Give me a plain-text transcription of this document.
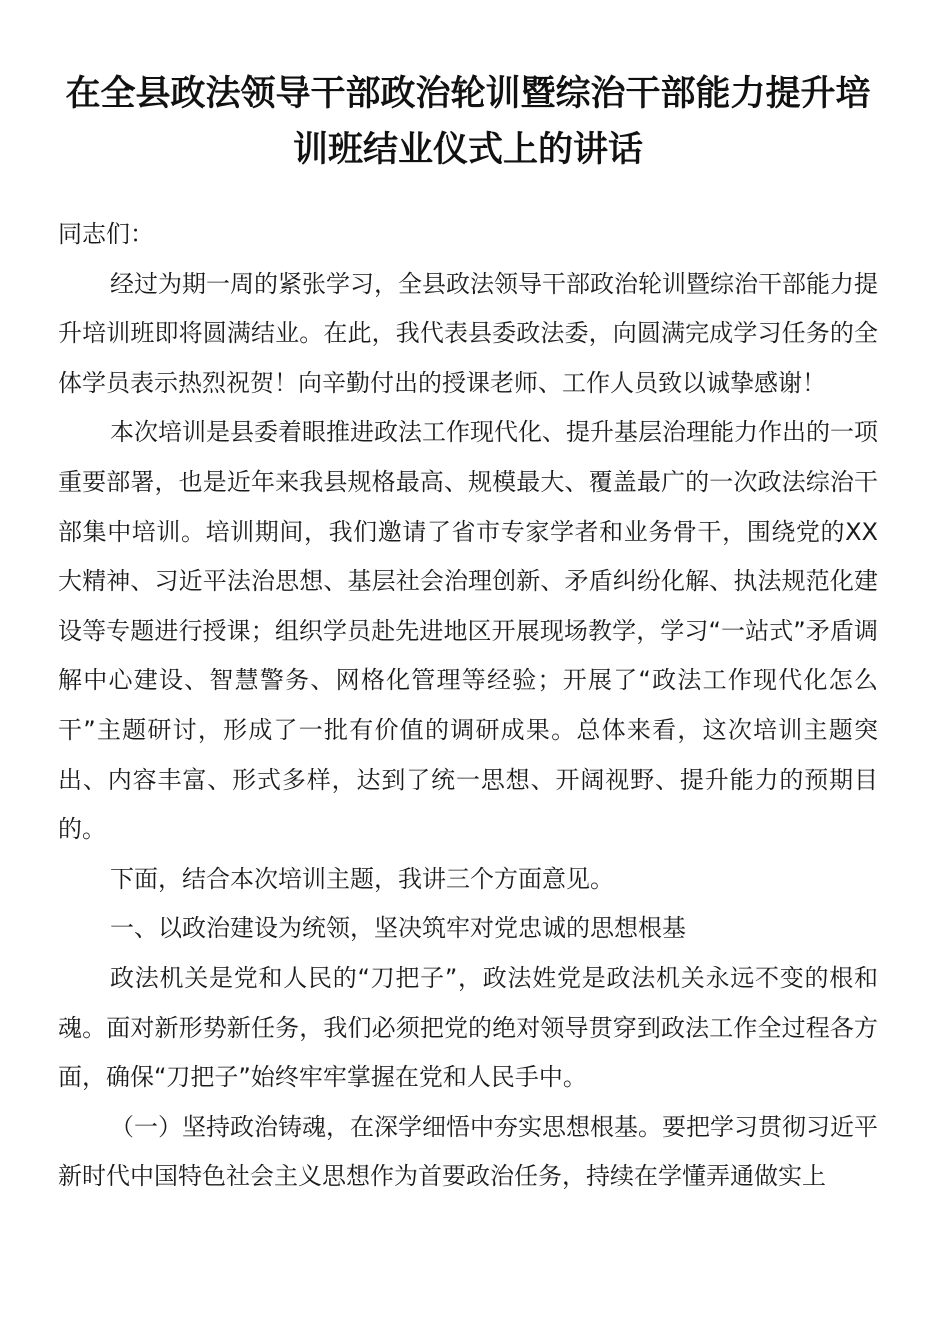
在全县政法领导干部政治轮训暨综治干部能力提升培
训班结业仪式上的讲话

同志们：

经过为期一周的紧张学习，全县政法领导干部政治轮训暨综治干部能力提升培训班即将圆满结业。在此，我代表县委政法委，向圆满完成学习任务的全体学员表示热烈祝贺！向辛勤付出的授课老师、工作人员致以诚挚感谢！

本次培训是县委着眼推进政法工作现代化、提升基层治理能力作出的一项重要部署，也是近年来我县规格最高、规模最大、覆盖最广的一次政法综治干部集中培训。培训期间，我们邀请了省市专家学者和业务骨干，围绕党的XX大精神、习近平法治思想、基层社会治理创新、矛盾纠纷化解、执法规范化建设等专题进行授课；组织学员赴先进地区开展现场教学，学习“一站式”矛盾调解中心建设、智慧警务、网格化管理等经验；开展了“政法工作现代化怎么干”主题研讨，形成了一批有价值的调研成果。总体来看，这次培训主题突出、内容丰富、形式多样，达到了统一思想、开阔视野、提升能力的预期目的。

下面，结合本次培训主题，我讲三个方面意见。

一、以政治建设为统领，坚决筑牢对党忠诚的思想根基

政法机关是党和人民的“刀把子”，政法姓党是政法机关永远不变的根和魂。面对新形势新任务，我们必须把党的绝对领导贯穿到政法工作全过程各方面，确保“刀把子”始终牢牢掌握在党和人民手中。

（一）坚持政治铸魂，在深学细悟中夯实思想根基。要把学习贯彻习近平新时代中国特色社会主义思想作为首要政治任务，持续在学懂弄通做实上
